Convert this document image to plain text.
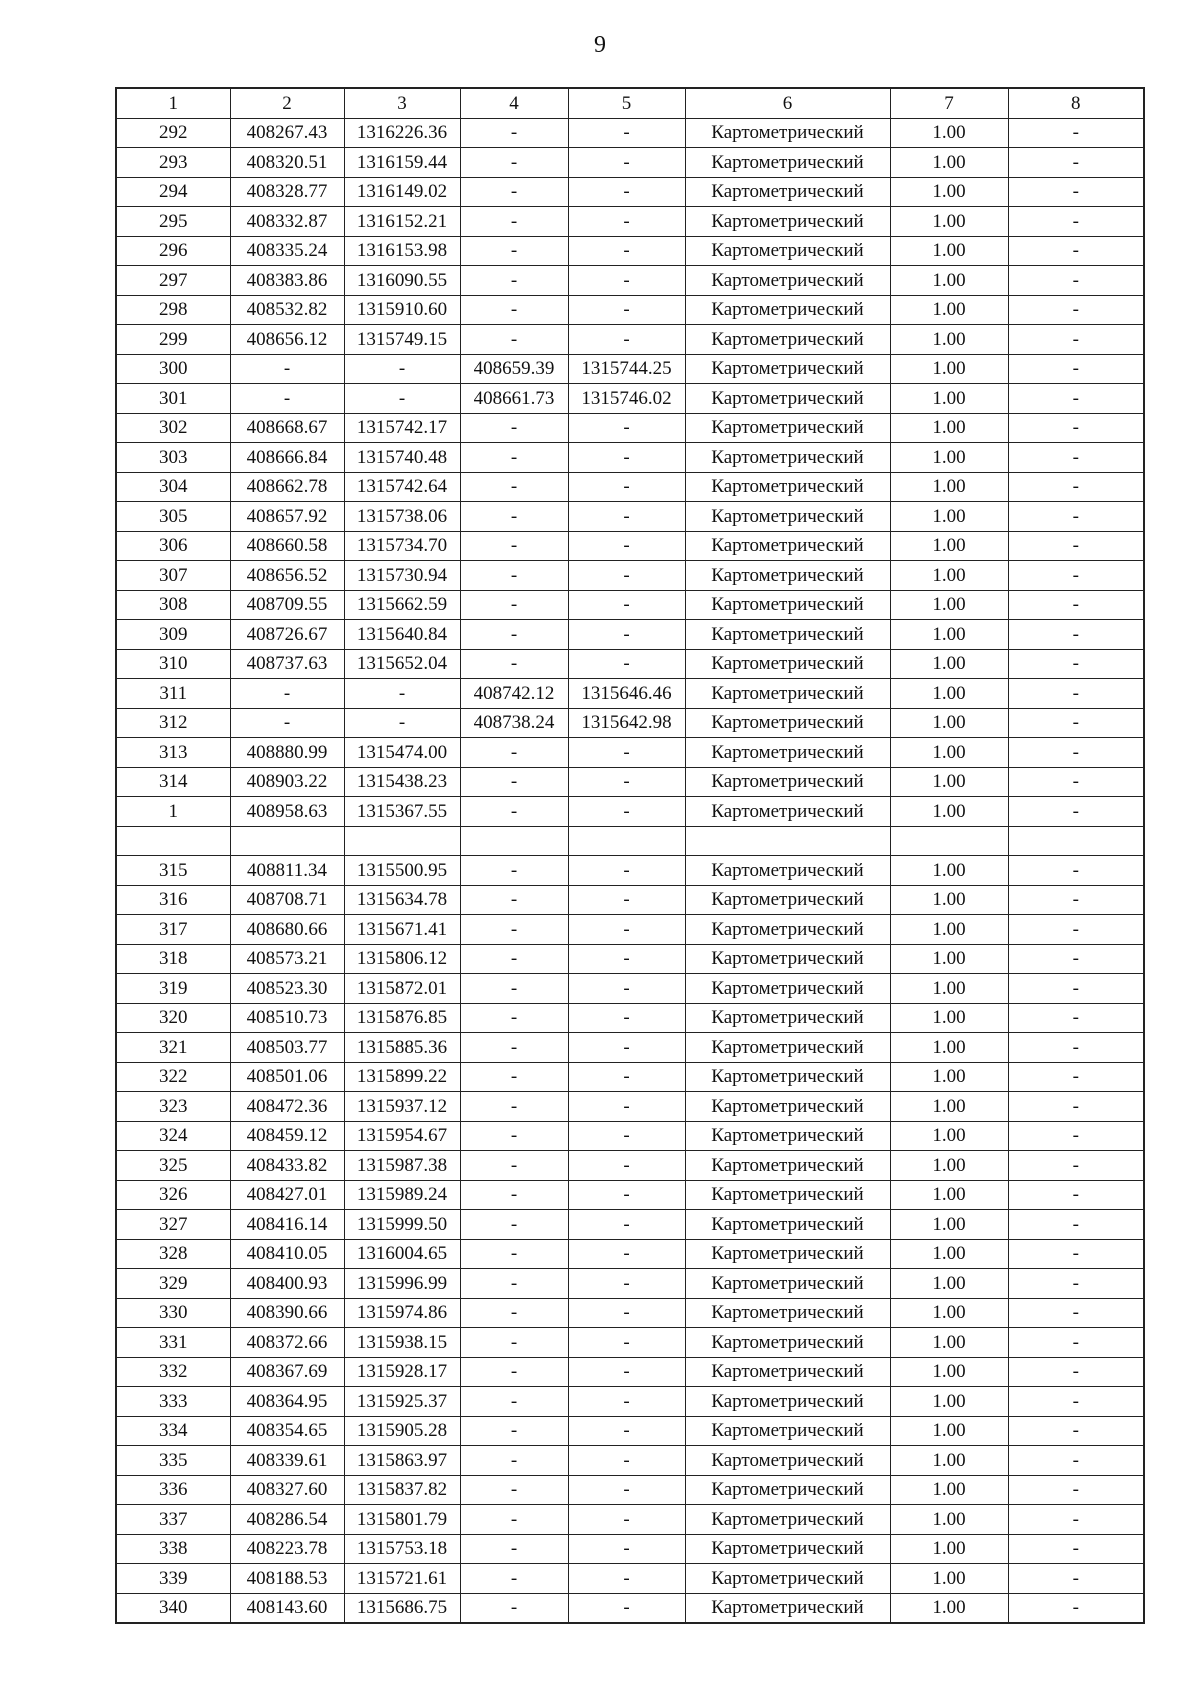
9
1	2	3	4	5	6	7	8
292	408267.43	1316226.36	-	-	Картометрический	1.00	-
293	408320.51	1316159.44	-	-	Картометрический	1.00	-
294	408328.77	1316149.02	-	-	Картометрический	1.00	-
295	408332.87	1316152.21	-	-	Картометрический	1.00	-
296	408335.24	1316153.98	-	-	Картометрический	1.00	-
297	408383.86	1316090.55	-	-	Картометрический	1.00	-
298	408532.82	1315910.60	-	-	Картометрический	1.00	-
299	408656.12	1315749.15	-	-	Картометрический	1.00	-
300	-	-	408659.39	1315744.25	Картометрический	1.00	-
301	-	-	408661.73	1315746.02	Картометрический	1.00	-
302	408668.67	1315742.17	-	-	Картометрический	1.00	-
303	408666.84	1315740.48	-	-	Картометрический	1.00	-
304	408662.78	1315742.64	-	-	Картометрический	1.00	-
305	408657.92	1315738.06	-	-	Картометрический	1.00	-
306	408660.58	1315734.70	-	-	Картометрический	1.00	-
307	408656.52	1315730.94	-	-	Картометрический	1.00	-
308	408709.55	1315662.59	-	-	Картометрический	1.00	-
309	408726.67	1315640.84	-	-	Картометрический	1.00	-
310	408737.63	1315652.04	-	-	Картометрический	1.00	-
311	-	-	408742.12	1315646.46	Картометрический	1.00	-
312	-	-	408738.24	1315642.98	Картометрический	1.00	-
313	408880.99	1315474.00	-	-	Картометрический	1.00	-
314	408903.22	1315438.23	-	-	Картометрический	1.00	-
1	408958.63	1315367.55	-	-	Картометрический	1.00	-

315	408811.34	1315500.95	-	-	Картометрический	1.00	-
316	408708.71	1315634.78	-	-	Картометрический	1.00	-
317	408680.66	1315671.41	-	-	Картометрический	1.00	-
318	408573.21	1315806.12	-	-	Картометрический	1.00	-
319	408523.30	1315872.01	-	-	Картометрический	1.00	-
320	408510.73	1315876.85	-	-	Картометрический	1.00	-
321	408503.77	1315885.36	-	-	Картометрический	1.00	-
322	408501.06	1315899.22	-	-	Картометрический	1.00	-
323	408472.36	1315937.12	-	-	Картометрический	1.00	-
324	408459.12	1315954.67	-	-	Картометрический	1.00	-
325	408433.82	1315987.38	-	-	Картометрический	1.00	-
326	408427.01	1315989.24	-	-	Картометрический	1.00	-
327	408416.14	1315999.50	-	-	Картометрический	1.00	-
328	408410.05	1316004.65	-	-	Картометрический	1.00	-
329	408400.93	1315996.99	-	-	Картометрический	1.00	-
330	408390.66	1315974.86	-	-	Картометрический	1.00	-
331	408372.66	1315938.15	-	-	Картометрический	1.00	-
332	408367.69	1315928.17	-	-	Картометрический	1.00	-
333	408364.95	1315925.37	-	-	Картометрический	1.00	-
334	408354.65	1315905.28	-	-	Картометрический	1.00	-
335	408339.61	1315863.97	-	-	Картометрический	1.00	-
336	408327.60	1315837.82	-	-	Картометрический	1.00	-
337	408286.54	1315801.79	-	-	Картометрический	1.00	-
338	408223.78	1315753.18	-	-	Картометрический	1.00	-
339	408188.53	1315721.61	-	-	Картометрический	1.00	-
340	408143.60	1315686.75	-	-	Картометрический	1.00	-
